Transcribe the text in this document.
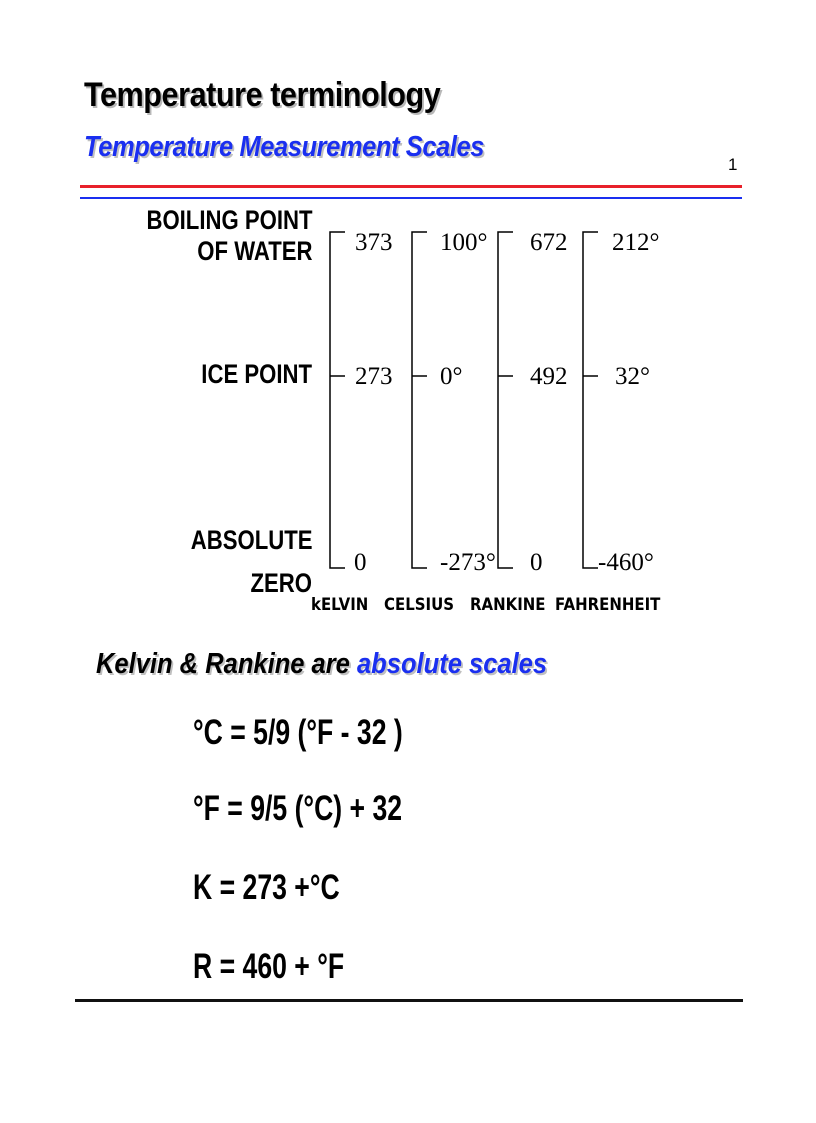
Temperature terminology
Temperature Measurement Scales
1
BOILING POINT
OF WATER
ICE POINT
ABSOLUTE
ZERO
373
273
0
100°
0°
-273°
672
492
0
212°
32°
-460°
kELVIN CELSIUS RANKINE FAHRENHEIT
Kelvin & Rankine are absolute scales
°C = 5/9 (°F - 32 )
°F = 9/5 (°C) + 32
K = 273 +°C
R = 460 + °F
